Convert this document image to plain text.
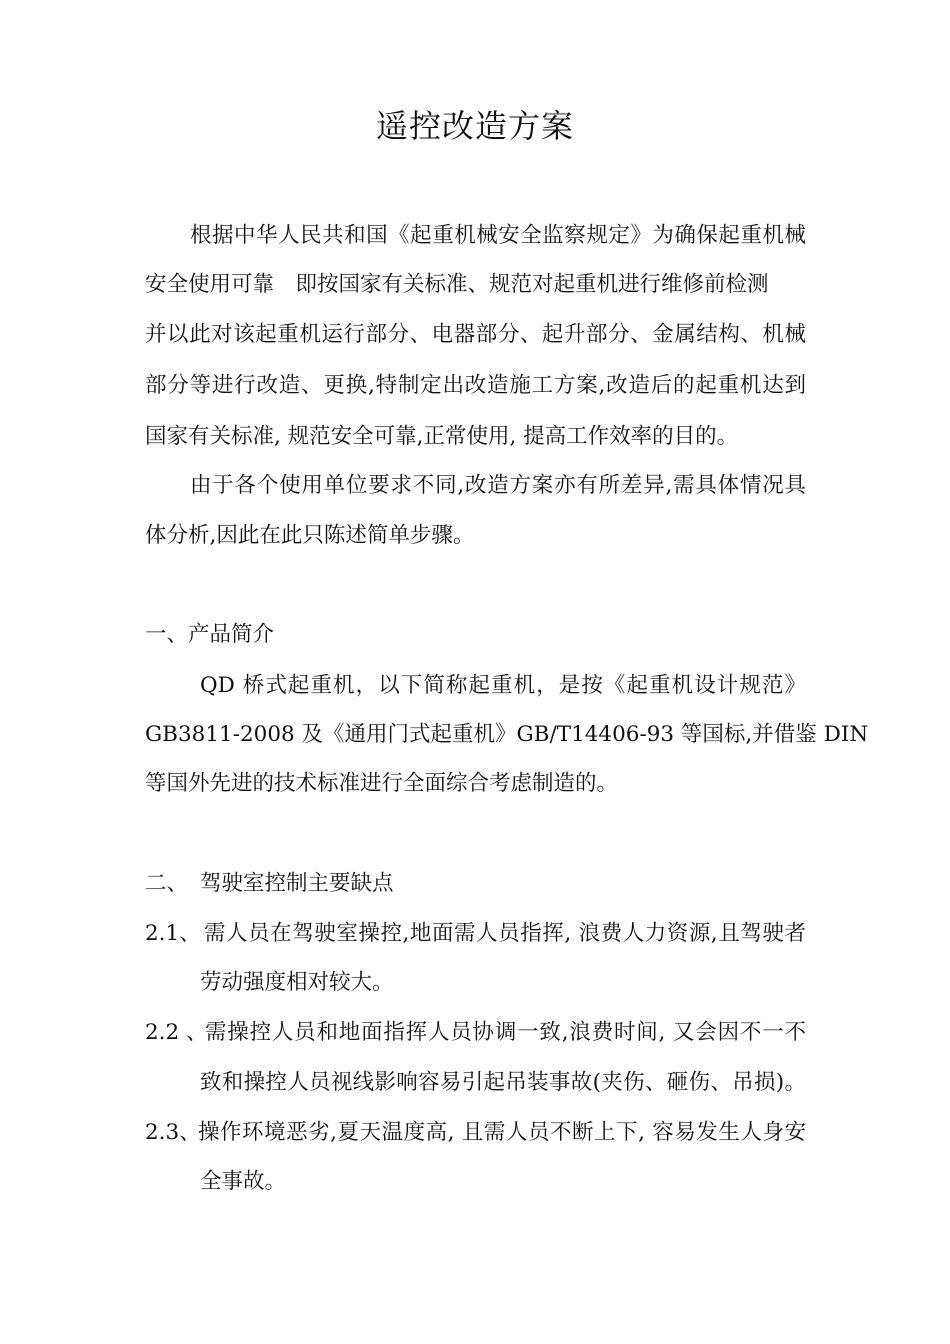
遥控改造方案
根据中华人民共和国《起重机械安全监察规定》为确保起重机械
安全使用可靠　即按国家有关标准、规范对起重机进行维修前检测
并以此对该起重机运行部分、电器部分、起升部分、金属结构、机械
部分等进行改造、更换,特制定出改造施工方案,改造后的起重机达到
国家有关标准, 规范安全可靠,正常使用, 提高工作效率的目的。
由于各个使用单位要求不同,改造方案亦有所差异,需具体情况具
体分析,因此在此只陈述简单步骤。
一、产品简介
QD 桥式起重机，以下简称起重机，是按《起重机设计规范》
GB3811-2008 及《通用门式起重机》GB/T14406-93 等国标,并借鉴 DIN
等国外先进的技术标准进行全面综合考虑制造的。
二、 驾驶室控制主要缺点
2.1、 需人员在驾驶室操控,地面需人员指挥, 浪费人力资源,且驾驶者
劳动强度相对较大。
2.2 、
需操控人员和地面指挥人员协调一致,浪费时间, 又会因不一不
致和操控人员视线影响容易引起吊装事故(夹伤、砸伤、吊损)。
2.3、
操作环境恶劣,夏天温度高, 且需人员不断上下, 容易发生人身安
全事故。
